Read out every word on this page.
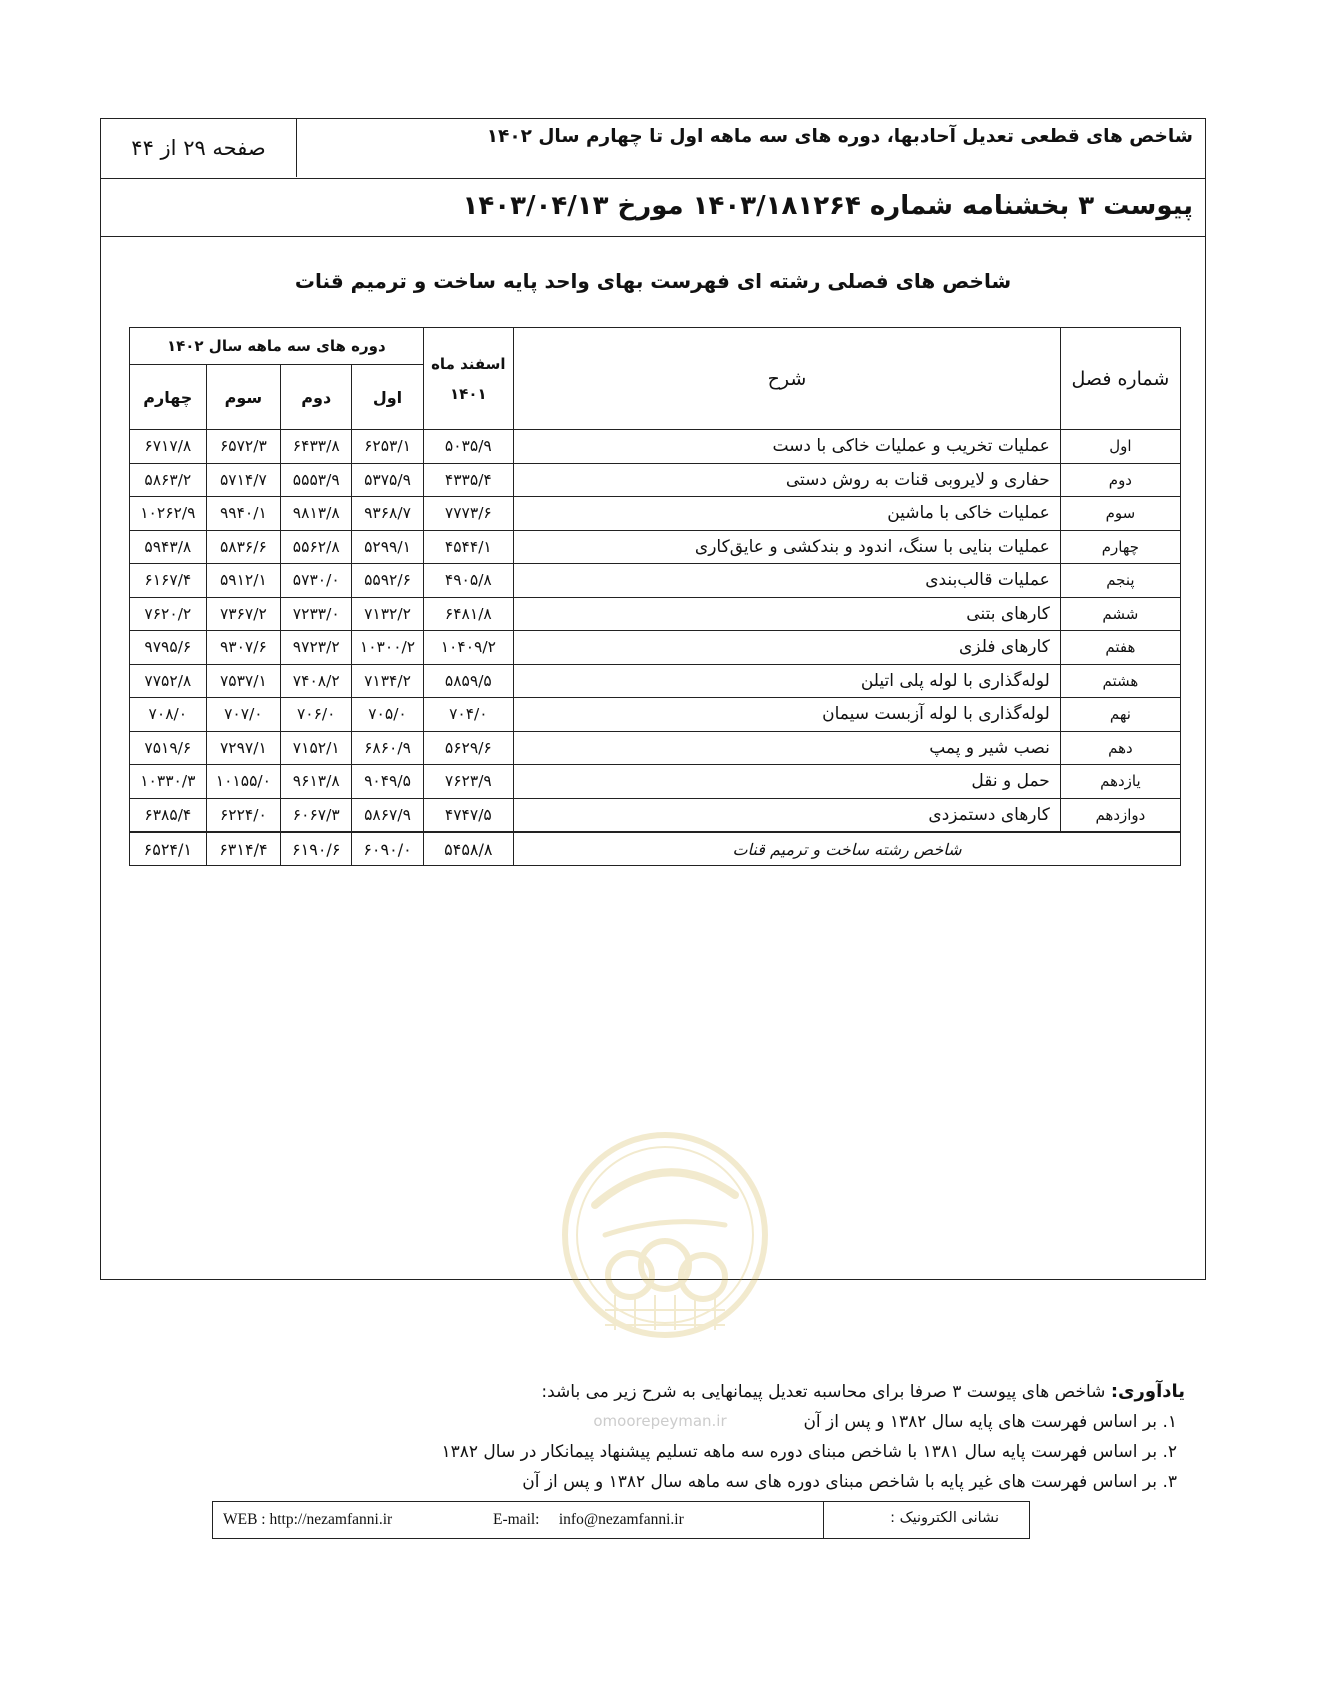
شاخص های قطعی تعدیل آحادبها، دوره های سه ماهه اول تا چهارم سال ۱۴۰۲
صفحه ۲۹ از ۴۴
پیوست ۳ بخشنامه شماره ۱۴۰۳/۱۸۱۲۶۴ مورخ ۱۴۰۳/۰۴/۱۳
شاخص های فصلی رشته ای فهرست بهای واحد پایه ساخت و ترمیم قنات
شماره فصل	شرح	اسفند ماه ۱۴۰۱	دوره های سه ماهه سال ۱۴۰۲			
			اول	دوم	سوم	چهارم
اول	عملیات تخریب و عملیات خاکی با دست	۵۰۳۵/۹	۶۲۵۳/۱	۶۴۳۳/۸	۶۵۷۲/۳	۶۷۱۷/۸
دوم	حفاری و لایروبی قنات به روش دستی	۴۳۳۵/۴	۵۳۷۵/۹	۵۵۵۳/۹	۵۷۱۴/۷	۵۸۶۳/۲
سوم	عملیات خاکی با ماشین	۷۷۷۳/۶	۹۳۶۸/۷	۹۸۱۳/۸	۹۹۴۰/۱	۱۰۲۶۲/۹
چهارم	عملیات بنایی با سنگ، اندود و بندکشی و عایق‌کاری	۴۵۴۴/۱	۵۲۹۹/۱	۵۵۶۲/۸	۵۸۳۶/۶	۵۹۴۳/۸
پنجم	عملیات قالب‌بندی	۴۹۰۵/۸	۵۵۹۲/۶	۵۷۳۰/۰	۵۹۱۲/۱	۶۱۶۷/۴
ششم	کارهای بتنی	۶۴۸۱/۸	۷۱۳۲/۲	۷۲۳۳/۰	۷۳۶۷/۲	۷۶۲۰/۲
هفتم	کارهای فلزی	۱۰۴۰۹/۲	۱۰۳۰۰/۲	۹۷۲۳/۲	۹۳۰۷/۶	۹۷۹۵/۶
هشتم	لوله‌گذاری با لوله پلی اتیلن	۵۸۵۹/۵	۷۱۳۴/۲	۷۴۰۸/۲	۷۵۳۷/۱	۷۷۵۲/۸
نهم	لوله‌گذاری با لوله آزبست سیمان	۷۰۴/۰	۷۰۵/۰	۷۰۶/۰	۷۰۷/۰	۷۰۸/۰
دهم	نصب شیر و پمپ	۵۶۲۹/۶	۶۸۶۰/۹	۷۱۵۲/۱	۷۲۹۷/۱	۷۵۱۹/۶
یازدهم	حمل و نقل	۷۶۲۳/۹	۹۰۴۹/۵	۹۶۱۳/۸	۱۰۱۵۵/۰	۱۰۳۳۰/۳
دوازدهم	کارهای دستمزدی	۴۷۴۷/۵	۵۸۶۷/۹	۶۰۶۷/۳	۶۲۲۴/۰	۶۳۸۵/۴
شاخص رشته ساخت و ترمیم قنات		۵۴۵۸/۸	۶۰۹۰/۰	۶۱۹۰/۶	۶۳۱۴/۴	۶۵۲۴/۱
omoorepeyman.ir
یادآوری: شاخص های پیوست ۳ صرفا برای محاسبه تعدیل پیمانهایی به شرح زیر می باشد:
۱. بر اساس فهرست های پایه سال ۱۳۸۲ و پس از آن
۲. بر اساس فهرست پایه سال ۱۳۸۱ با شاخص مبنای دوره سه ماهه تسلیم پیشنهاد پیمانکار در سال ۱۳۸۲
۳. بر اساس فهرست های غیر پایه با شاخص مبنای دوره های سه ماهه سال ۱۳۸۲ و پس از آن
WEB : http://nezamfanni.ir	E-mail:     info@nezamfanni.ir	نشانی الکترونیک :
